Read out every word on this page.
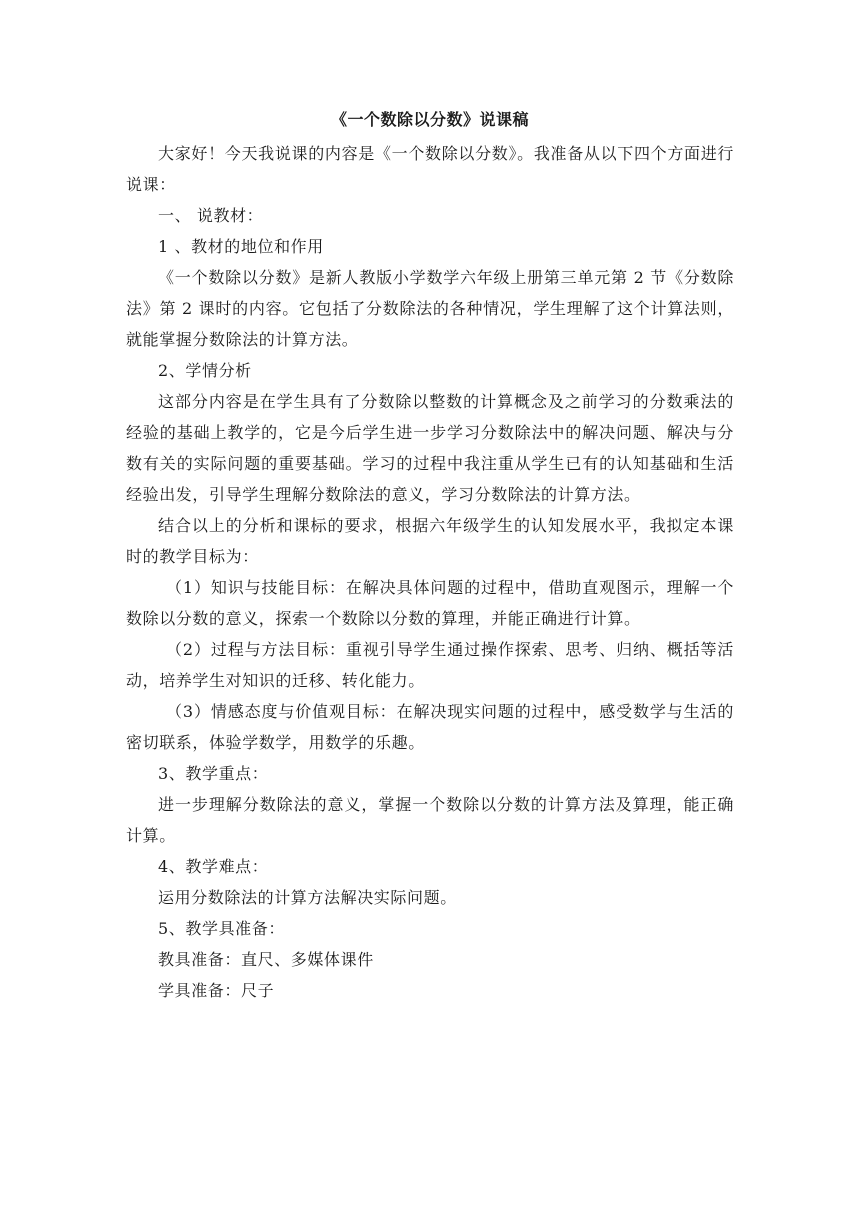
《一个数除以分数》说课稿

大家好！今天我说课的内容是《一个数除以分数》。我准备从以下四个方面进行说课：

一、 说教材：

1 、教材的地位和作用

《一个数除以分数》是新人教版小学数学六年级上册第三单元第 2 节《分数除法》第 2 课时的内容。它包括了分数除法的各种情况，学生理解了这个计算法则，就能掌握分数除法的计算方法。

2、学情分析

这部分内容是在学生具有了分数除以整数的计算概念及之前学习的分数乘法的经验的基础上教学的，它是今后学生进一步学习分数除法中的解决问题、解决与分数有关的实际问题的重要基础。学习的过程中我注重从学生已有的认知基础和生活经验出发，引导学生理解分数除法的意义，学习分数除法的计算方法。

结合以上的分析和课标的要求，根据六年级学生的认知发展水平，我拟定本课时的教学目标为：

（1）知识与技能目标：在解决具体问题的过程中，借助直观图示，理解一个数除以分数的意义，探索一个数除以分数的算理，并能正确进行计算。

（2）过程与方法目标：重视引导学生通过操作探索、思考、归纳、概括等活动，培养学生对知识的迁移、转化能力。

（3）情感态度与价值观目标：在解决现实问题的过程中，感受数学与生活的密切联系，体验学数学，用数学的乐趣。

3、教学重点：

进一步理解分数除法的意义，掌握一个数除以分数的计算方法及算理，能正确计算。

4、教学难点：

运用分数除法的计算方法解决实际问题。

5、教学具准备：

教具准备：直尺、多媒体课件

学具准备：尺子
